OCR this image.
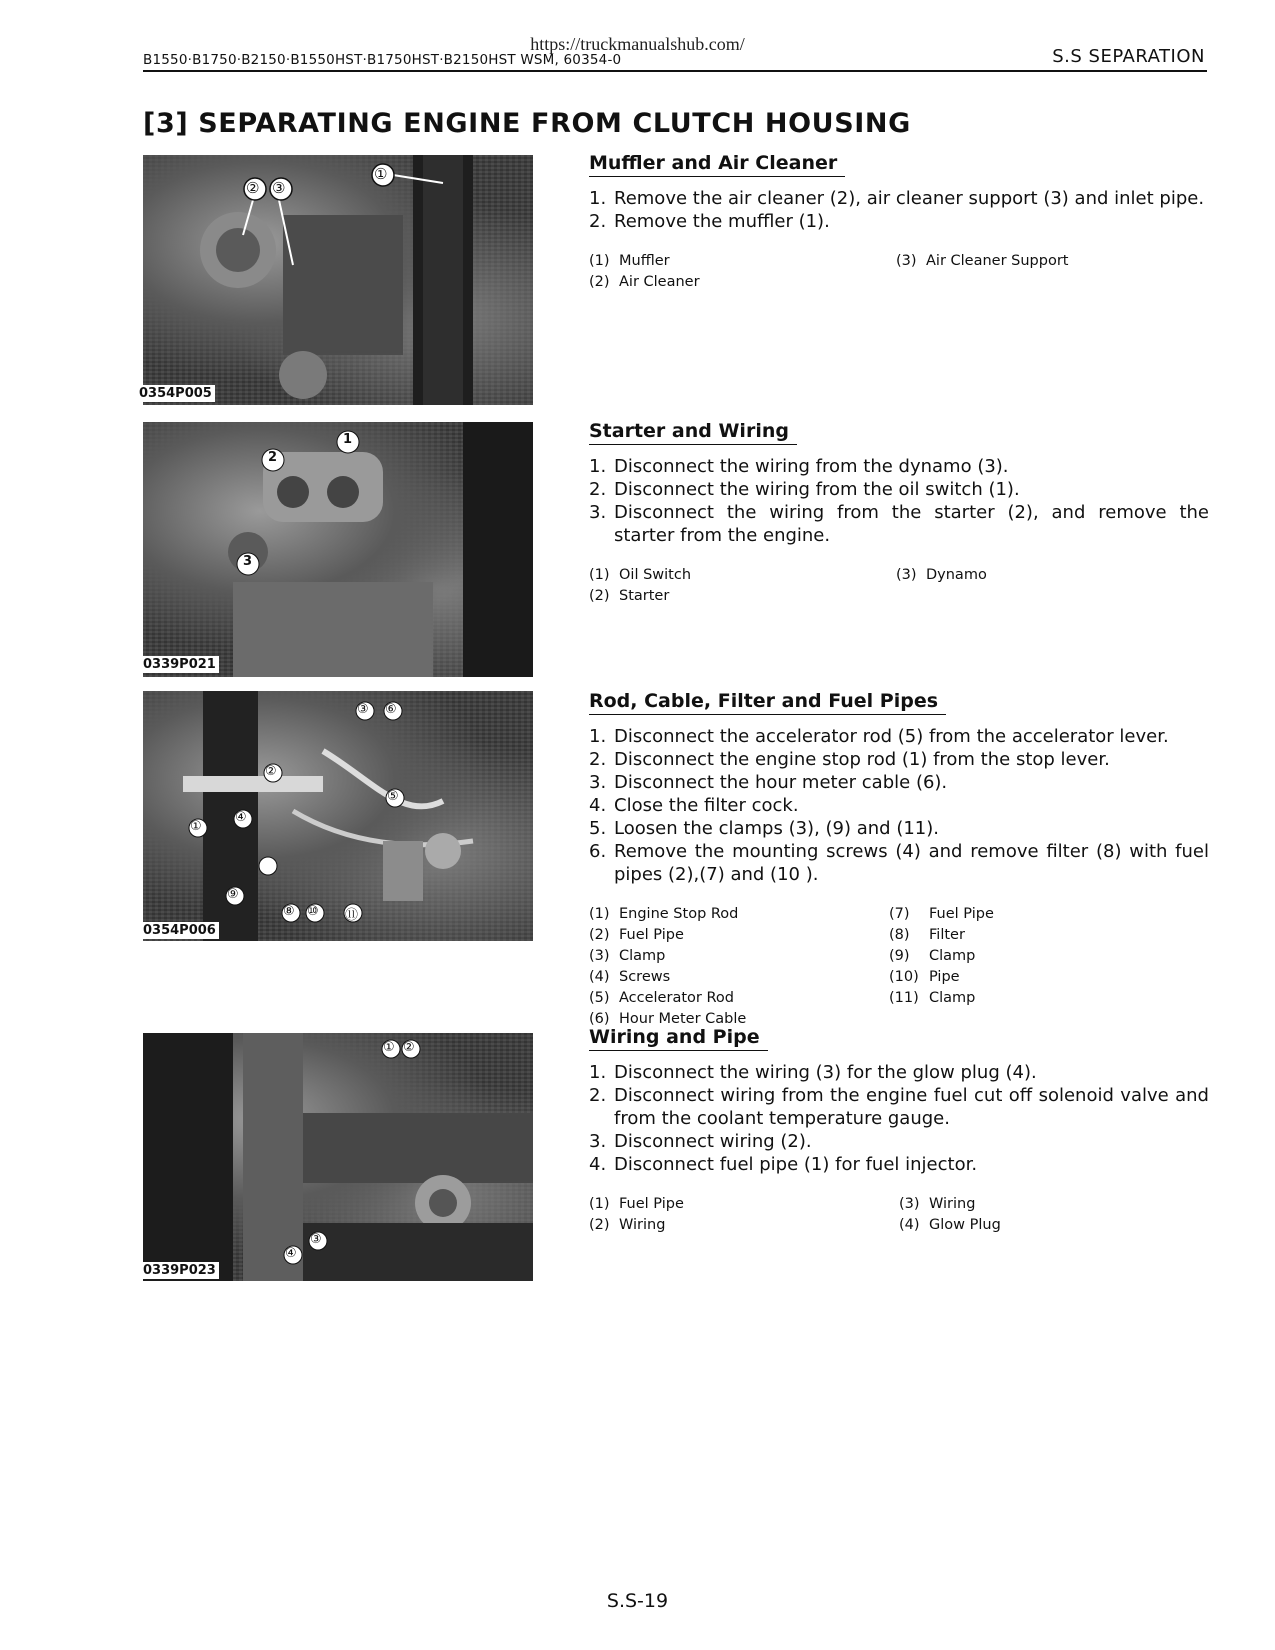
https://truckmanualshub.com/
B1550·B1750·B2150·B1550HST·B1750HST·B2150HST WSM, 60354-0	S.S SEPARATION
[3] SEPARATING ENGINE FROM CLUTCH HOUSING
①
② ③
0354P005
1
2
3
0339P021
①
②
③
④
⑤
⑥
⑧
⑨
⑩ ⑪
0354P006
① ②
③
④
0339P023
Muffler and Air Cleaner
1. Remove the air cleaner (2), air cleaner support (3) and inlet pipe.
2. Remove the muffler (1).
(1) Muffler
(2) Air Cleaner
(3) Air Cleaner Support
Starter and Wiring
1. Disconnect the wiring from the dynamo (3).
2. Disconnect the wiring from the oil switch (1).
3. Disconnect the wiring from the starter (2), and remove the starter from the engine.
(1) Oil Switch
(2) Starter
(3) Dynamo
Rod, Cable, Filter and Fuel Pipes
1. Disconnect the accelerator rod (5) from the accelerator lever.
2. Disconnect the engine stop rod (1) from the stop lever.
3. Disconnect the hour meter cable (6).
4. Close the filter cock.
5. Loosen the clamps (3), (9) and (11).
6. Remove the mounting screws (4) and remove filter (8) with fuel pipes (2),(7) and (10 ).
(1) Engine Stop Rod
(2) Fuel Pipe
(3) Clamp
(4) Screws
(5) Accelerator Rod
(6) Hour Meter Cable
(7) Fuel Pipe
(8) Filter
(9) Clamp
(10) Pipe
(11) Clamp
Wiring and Pipe
1. Disconnect the wiring (3) for the glow plug (4).
2. Disconnect wiring from the engine fuel cut off solenoid valve and from the coolant temperature gauge.
3. Disconnect wiring (2).
4. Disconnect fuel pipe (1) for fuel injector.
(1) Fuel Pipe
(2) Wiring
(3) Wiring
(4) Glow Plug
S.S-19
